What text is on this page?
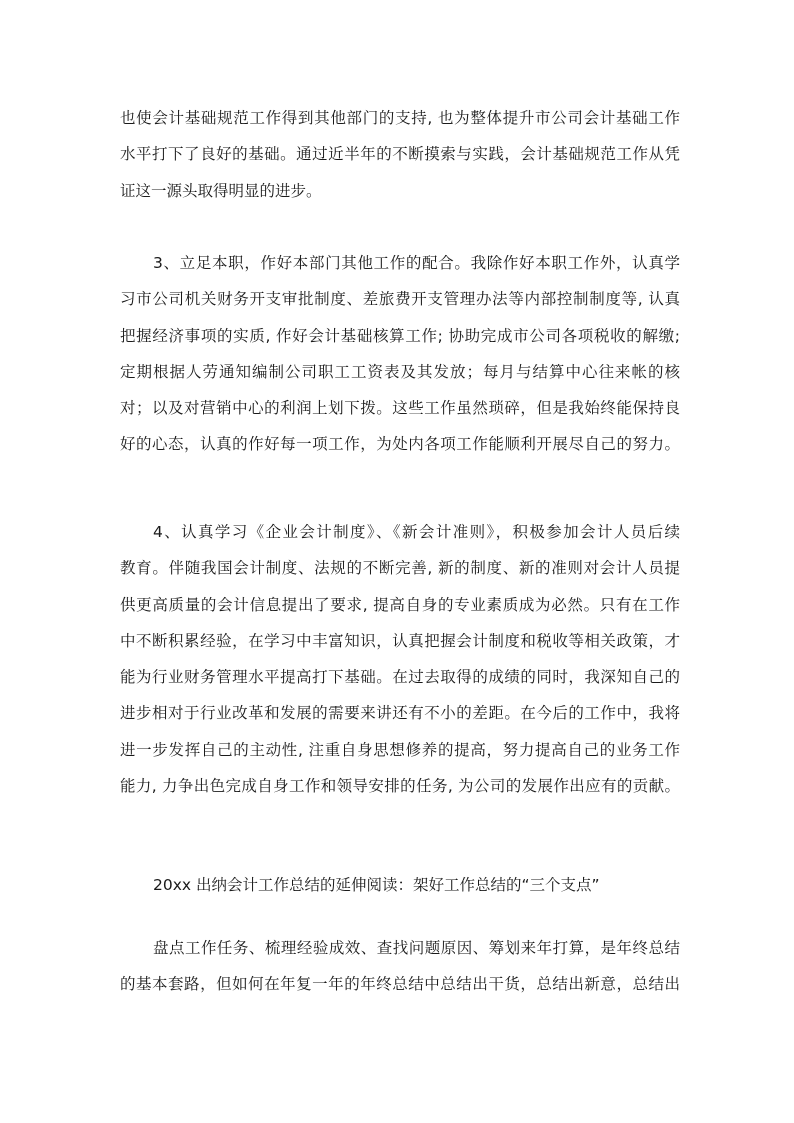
也使会计基础规范工作得到其他部门的支持, 也为整体提升市公司会计基础工作
水平打下了良好的基础。通过近半年的不断摸索与实践，会计基础规范工作从凭
证这一源头取得明显的进步。
3、立足本职，作好本部门其他工作的配合。我除作好本职工作外，认真学
习市公司机关财务开支审批制度、差旅费开支管理办法等内部控制制度等, 认真
把握经济事项的实质, 作好会计基础核算工作; 协助完成市公司各项税收的解缴;
定期根据人劳通知编制公司职工工资表及其发放；每月与结算中心往来帐的核
对；以及对营销中心的利润上划下拨。这些工作虽然琐碎，但是我始终能保持良
好的心态，认真的作好每一项工作，为处内各项工作能顺利开展尽自己的努力。
4、认真学习《企业会计制度》、《新会计准则》，积极参加会计人员后续
教育。伴随我国会计制度、法规的不断完善, 新的制度、新的准则对会计人员提
供更高质量的会计信息提出了要求, 提高自身的专业素质成为必然。只有在工作
中不断积累经验，在学习中丰富知识，认真把握会计制度和税收等相关政策，才
能为行业财务管理水平提高打下基础。在过去取得的成绩的同时，我深知自己的
进步相对于行业改革和发展的需要来讲还有不小的差距。在今后的工作中，我将
进一步发挥自己的主动性, 注重自身思想修养的提高，努力提高自己的业务工作
能力, 力争出色完成自身工作和领导安排的任务, 为公司的发展作出应有的贡献。
20xx 出纳会计工作总结的延伸阅读：架好工作总结的“三个支点”
盘点工作任务、梳理经验成效、查找问题原因、筹划来年打算，是年终总结
的基本套路，但如何在年复一年的年终总结中总结出干货，总结出新意，总结出
